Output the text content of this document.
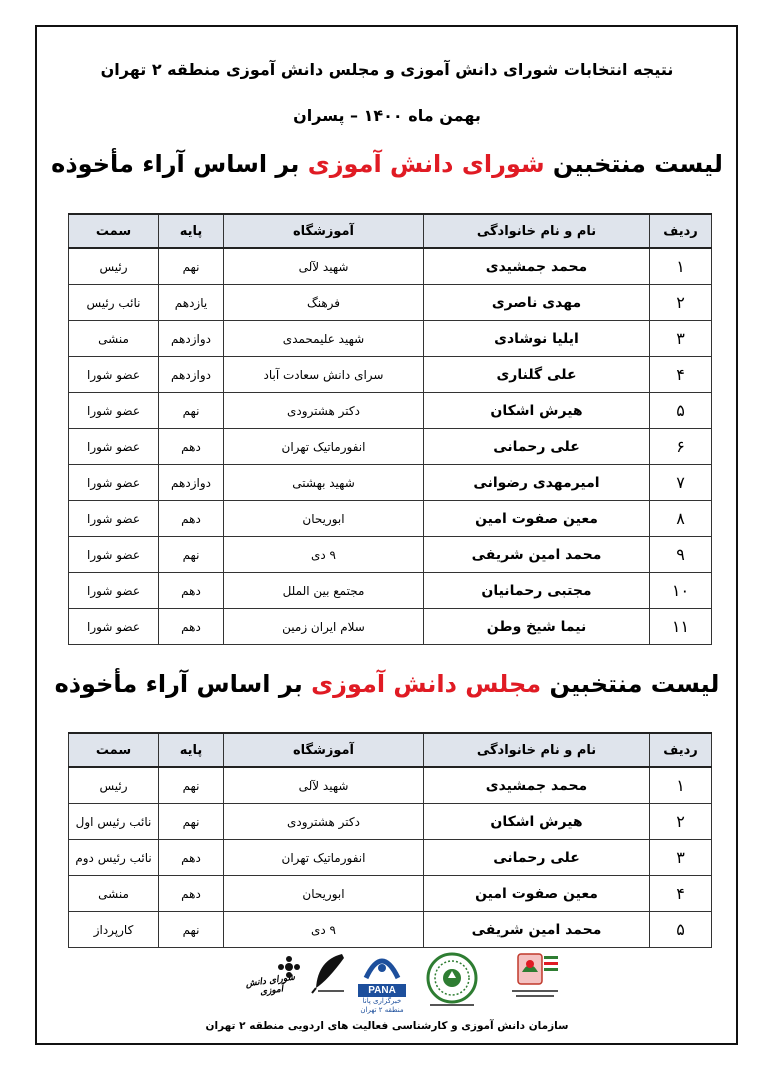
نتیجه انتخابات شورای دانش آموزی و مجلس دانش آموزی منطقه ۲ تهران
بهمن ماه ۱۴۰۰ – پسران
لیست منتخبین شورای دانش آموزی بر اساس آراء مأخوذه
ردیف	نام و نام خانوادگی	آموزشگاه	پایه	سمت
۱	محمد جمشیدی	شهید لآلی	نهم	رئیس
۲	مهدی ناصری	فرهنگ	یازدهم	نائب رئیس
۳	ایلیا نوشادی	شهید علیمحمدی	دوازدهم	منشی
۴	علی گلناری	سرای دانش سعادت آباد	دوازدهم	عضو شورا
۵	هیرش اشکان	دکتر هشترودی	نهم	عضو شورا
۶	علی رحمانی	انفورماتیک تهران	دهم	عضو شورا
۷	امیرمهدی رضوانی	شهید بهشتی	دوازدهم	عضو شورا
۸	معین صفوت امین	ابوریحان	دهم	عضو شورا
۹	محمد امین شریفی	۹ دی	نهم	عضو شورا
۱۰	مجتبی رحمانیان	مجتمع بین الملل	دهم	عضو شورا
۱۱	نیما شیخ وطن	سلام ایران زمین	دهم	عضو شورا
لیست منتخبین مجلس دانش آموزی بر اساس آراء مأخوذه
ردیف	نام و نام خانوادگی	آموزشگاه	پایه	سمت
۱	محمد جمشیدی	شهید لآلی	نهم	رئیس
۲	هیرش اشکان	دکتر هشترودی	نهم	نائب رئیس اول
۳	علی رحمانی	انفورماتیک تهران	دهم	نائب رئیس دوم
۴	معین صفوت امین	ابوریحان	دهم	منشی
۵	محمد امین شریفی	۹ دی	نهم	کارپرداز
PANA
خبرگزاری پانا
منطقه ۲ تهران
شورای دانش آموزی
سازمان دانش آموزی و کارشناسی فعالیت های اردویی منطقه ۲ تهران
